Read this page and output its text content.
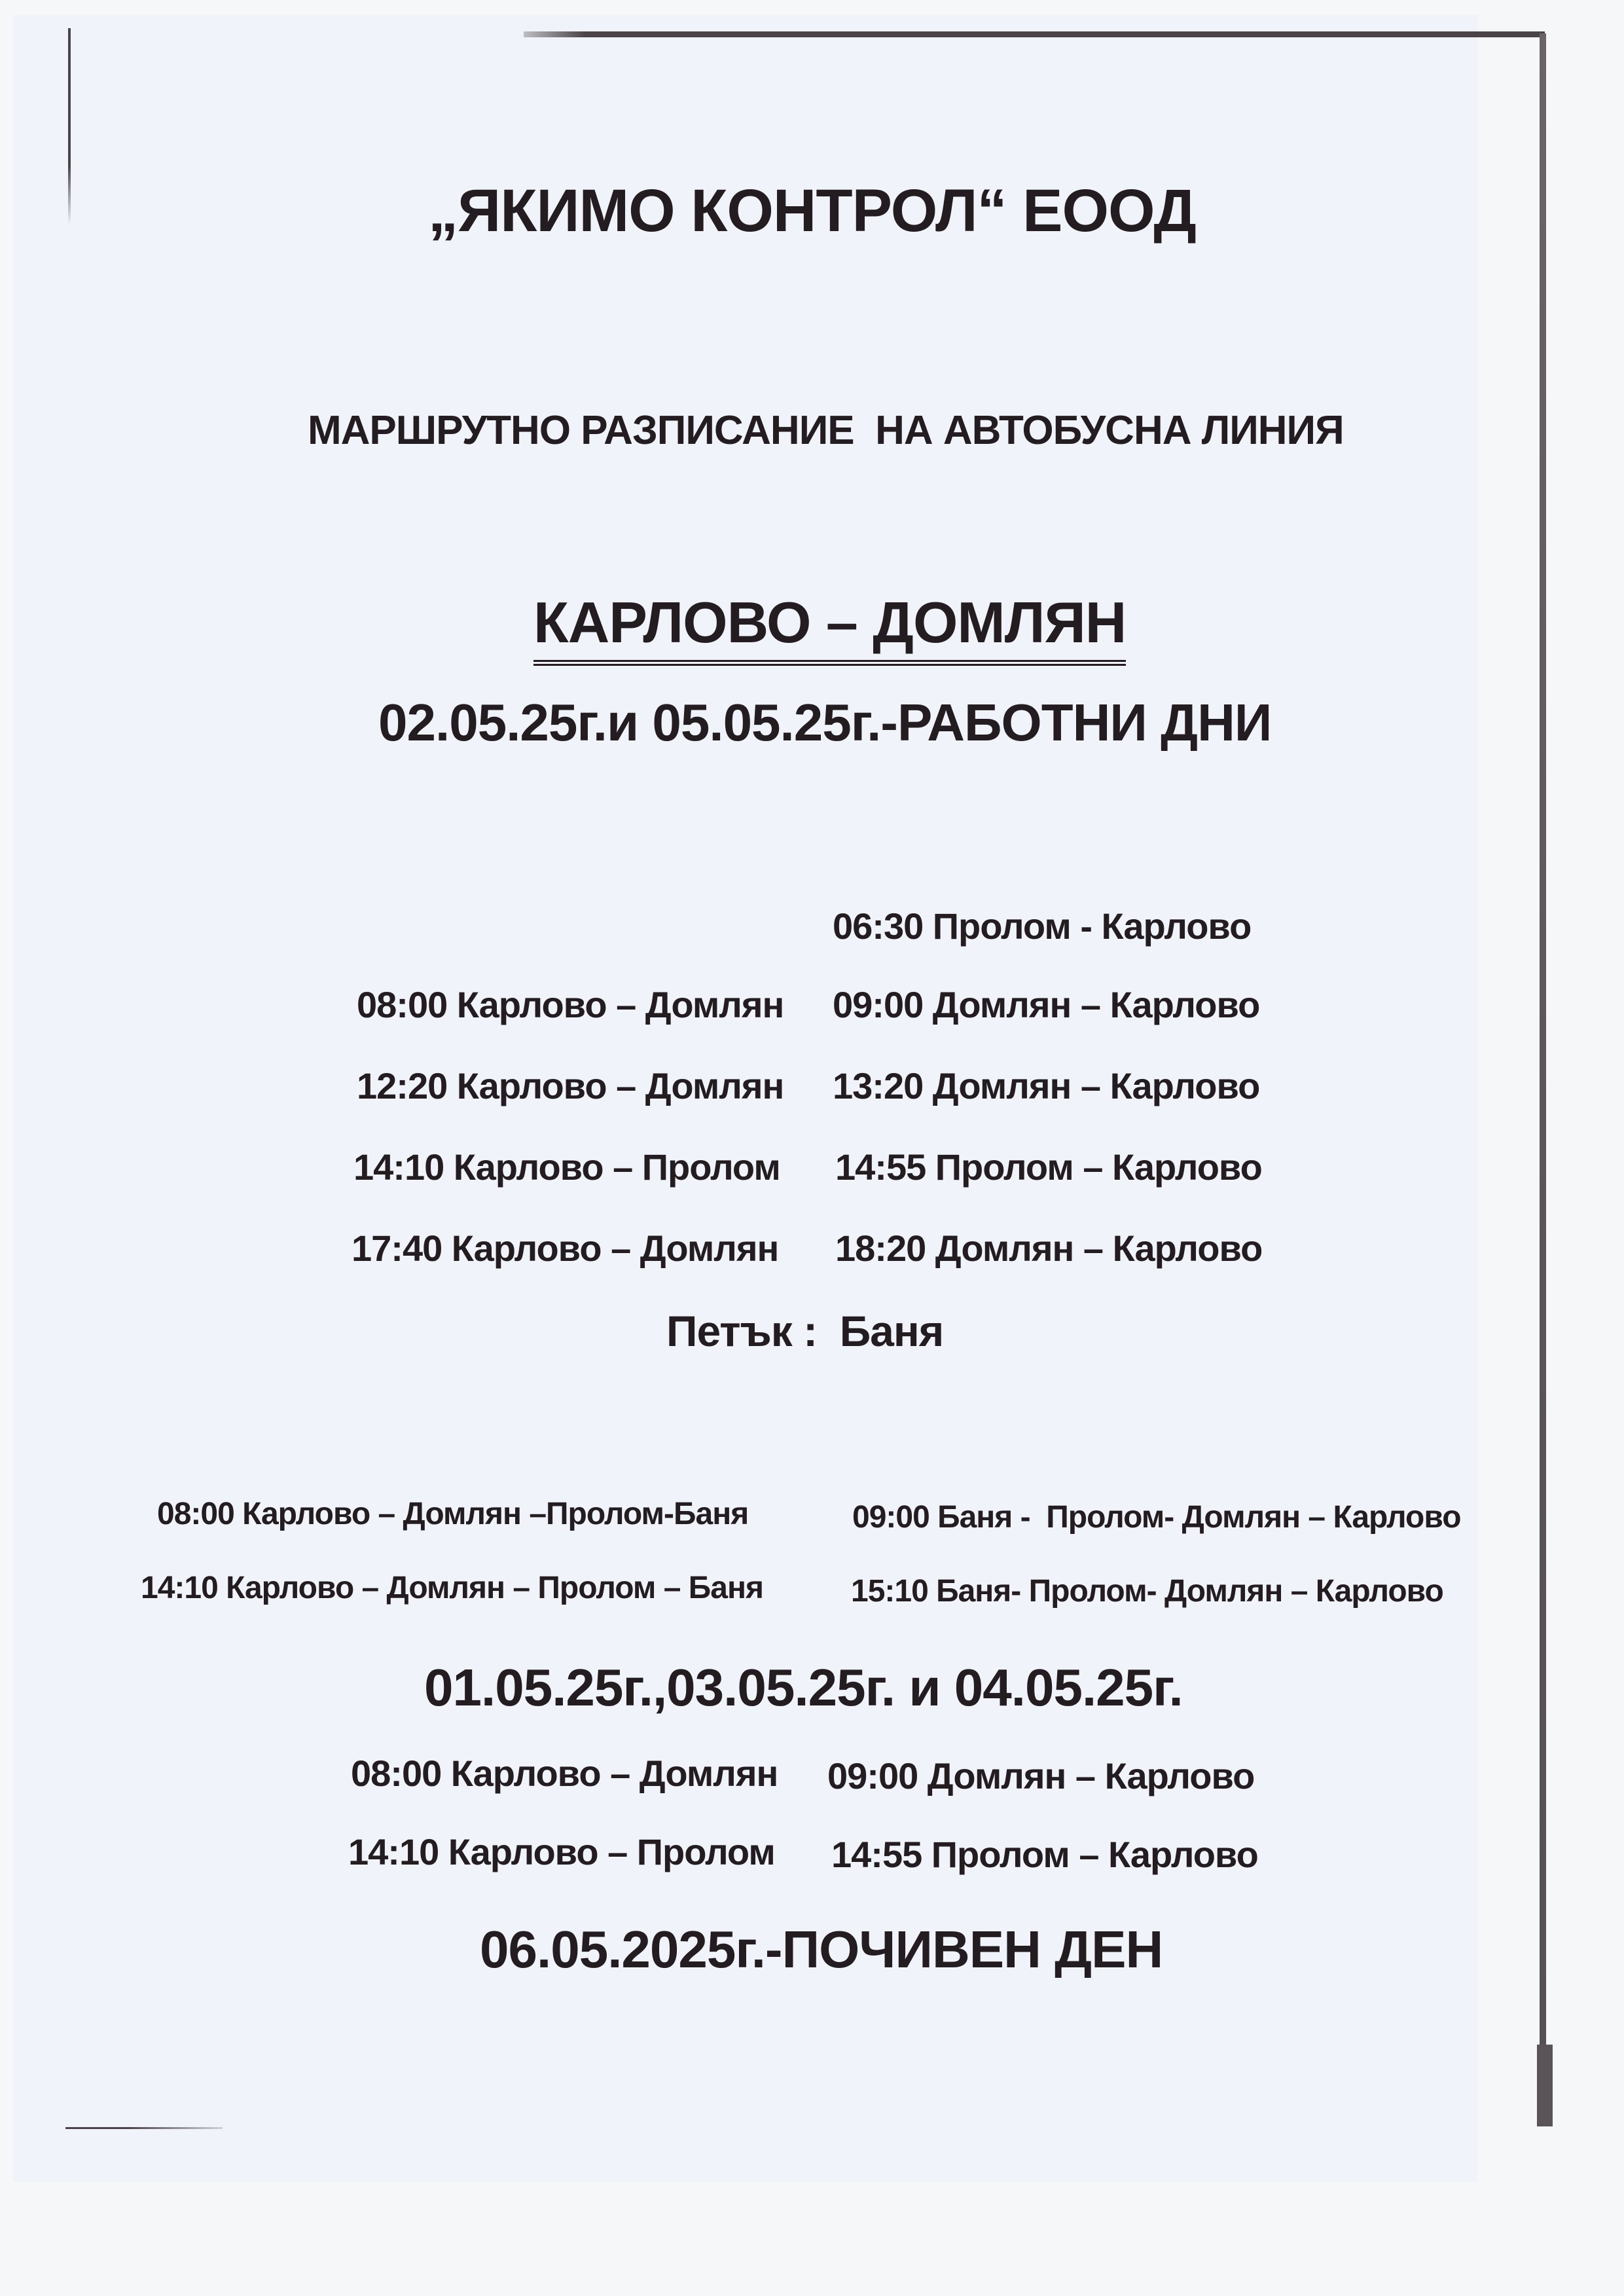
„ЯКИМО КОНТРОЛ“ ЕООД
МАРШРУТНО РАЗПИСАНИЕ  НА АВТОБУСНА ЛИНИЯ
КАРЛОВО – ДОМЛЯН
02.05.25г.и 05.05.25г.-РАБОТНИ ДНИ
06:30 Пролом - Карлово
08:00 Карлово – Домлян 09:00 Домлян – Карлово
12:20 Карлово – Домлян 13:20 Домлян – Карлово
14:10 Карлово – Пролом 14:55 Пролом – Карлово
17:40 Карлово – Домлян 18:20 Домлян – Карлово
Петък :  Баня
08:00 Карлово – Домлян –Пролом-Баня	09:00 Баня -  Пролом- Домлян – Карлово
14:10 Карлово – Домлян – Пролом – Баня	15:10 Баня- Пролом- Домлян – Карлово
01.05.25г.,03.05.25г. и 04.05.25г.
08:00 Карлово – Домлян 09:00 Домлян – Карлово
14:10 Карлово – Пролом 14:55 Пролом – Карлово
06.05.2025г.-ПОЧИВЕН ДЕН
